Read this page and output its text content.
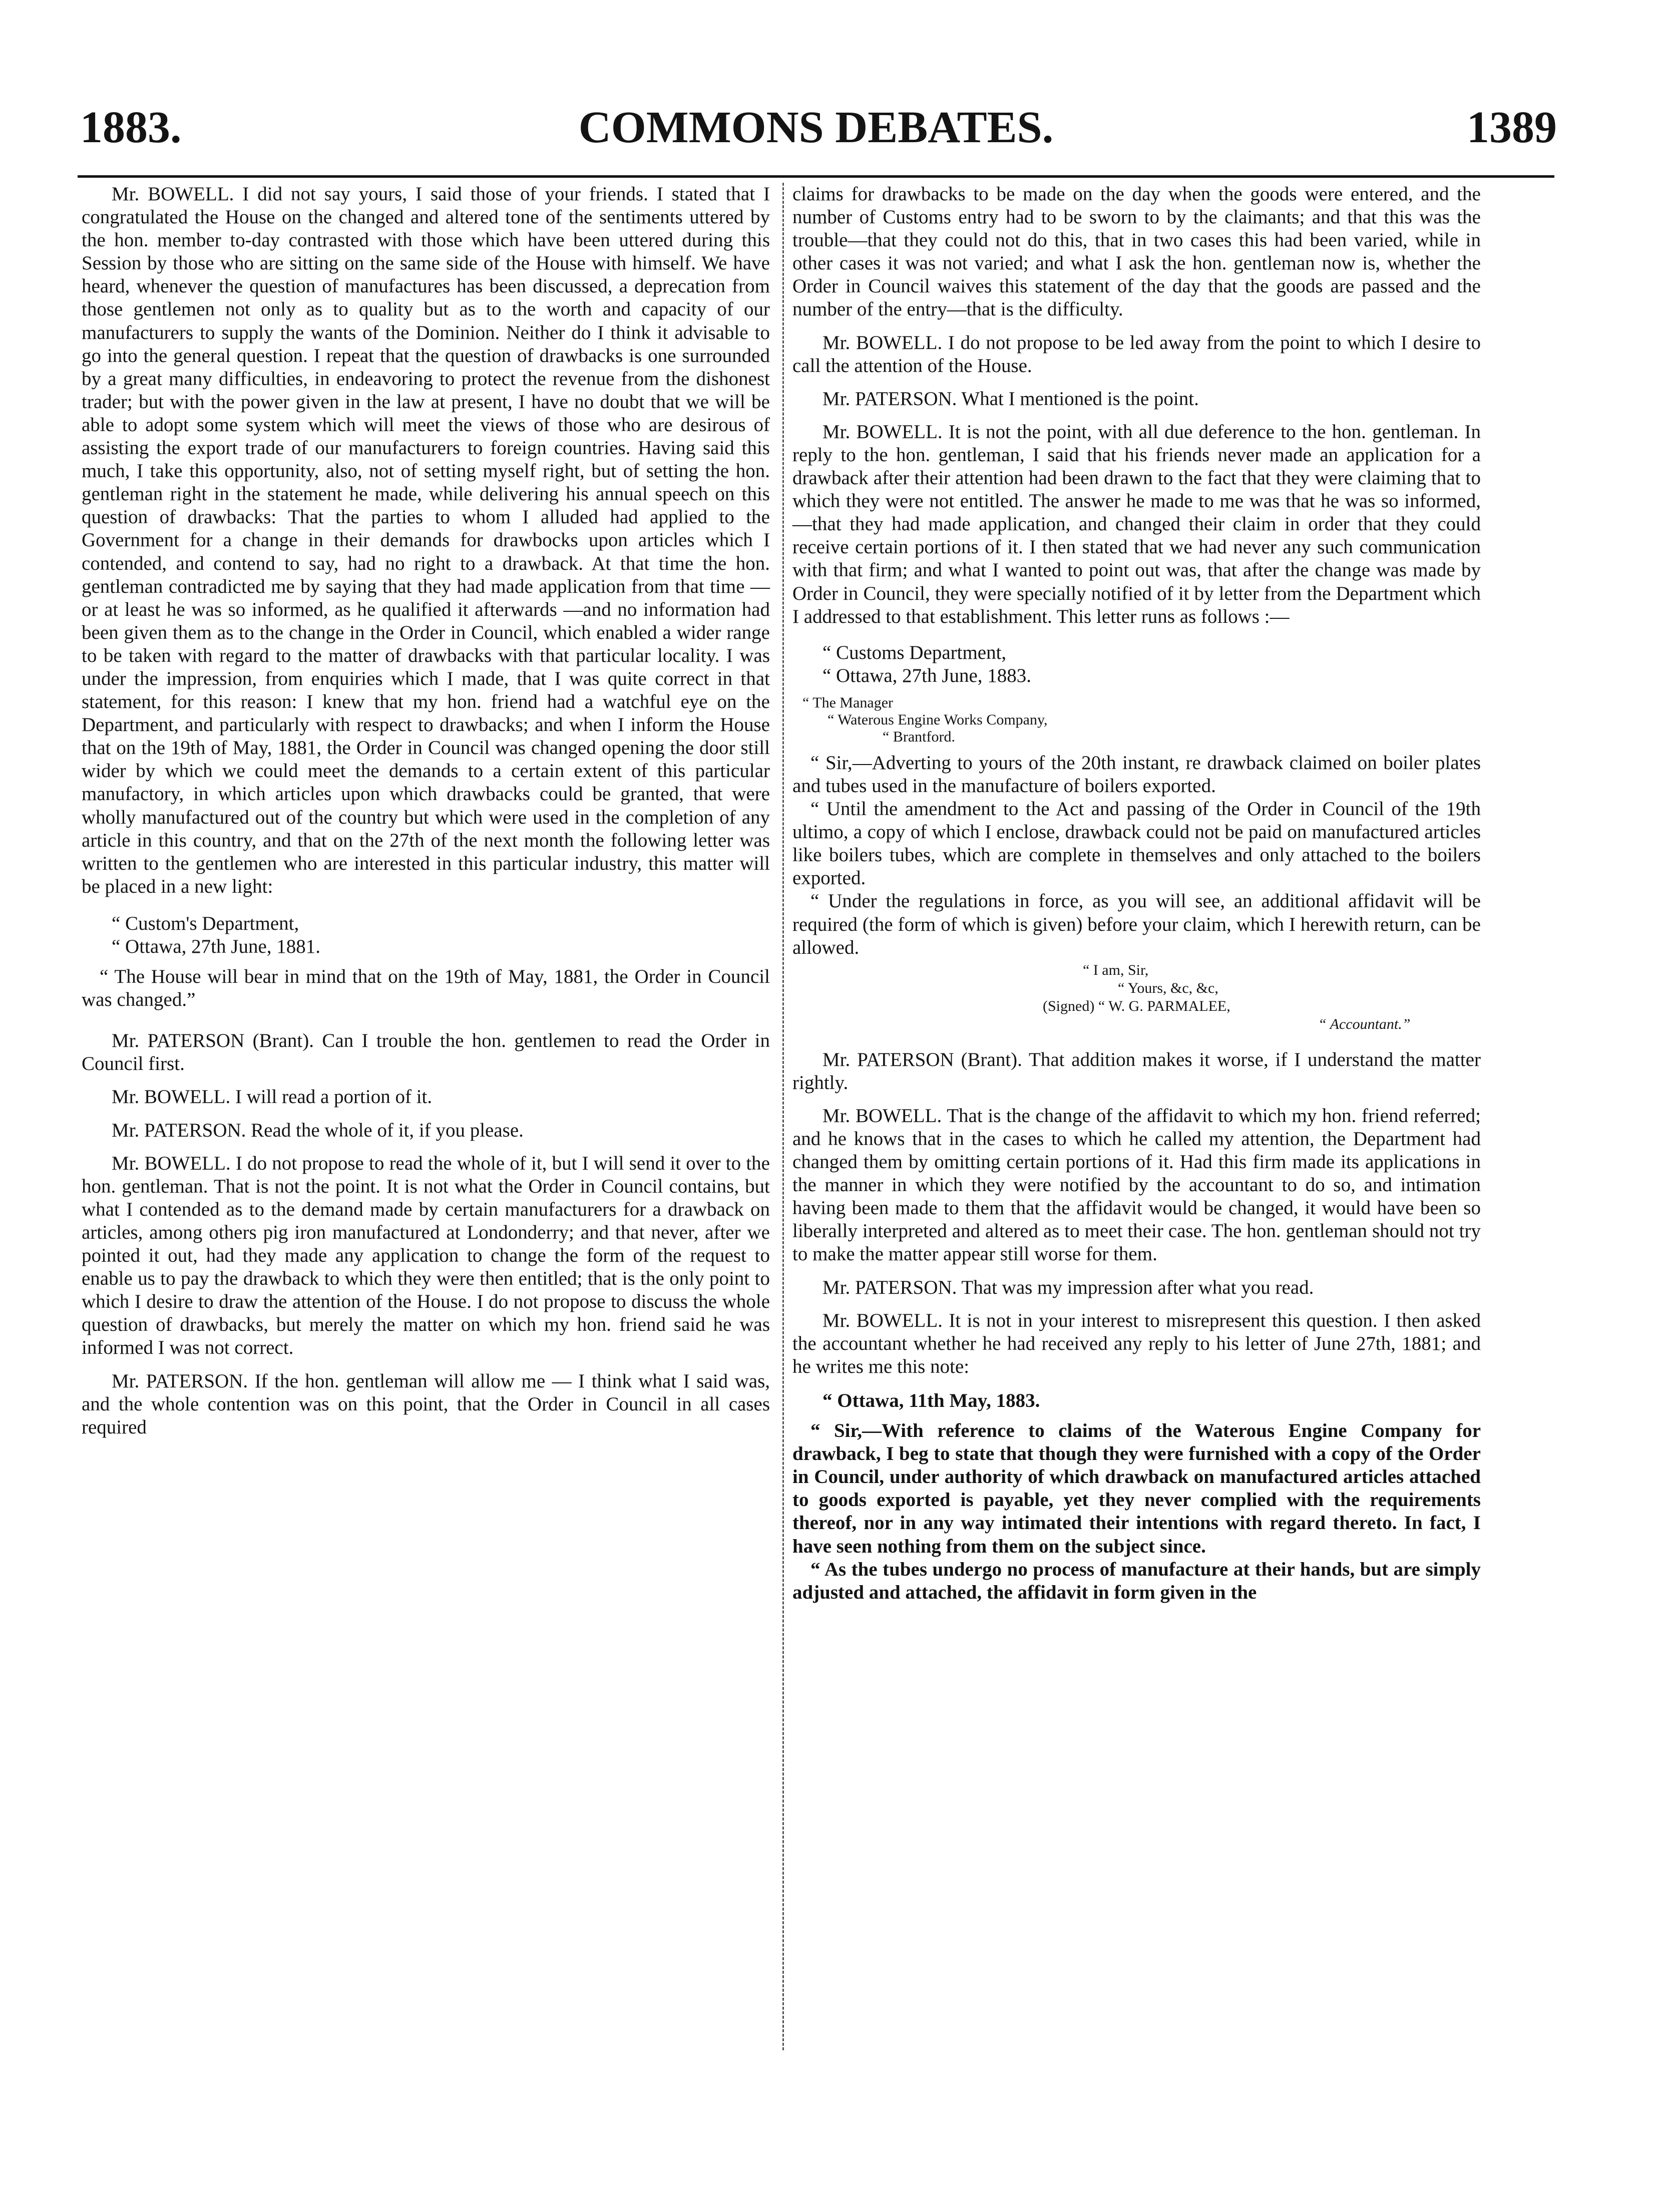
1883.	COMMONS DEBATES.	1389

Mr. BOWELL. I did not say yours, I said those of your friends. I stated that I congratulated the House on the changed and altered tone of the sentiments uttered by the hon. member to-day contrasted with those which have been uttered during this Session by those who are sitting on the same side of the House with himself. We have heard, whenever the question of manufactures has been discussed, a deprecation from those gentlemen not only as to quality but as to the worth and capacity of our manufacturers to supply the wants of the Dominion. Neither do I think it advisable to go into the general question. I repeat that the question of drawbacks is one surrounded by a great many difficulties, in endeavoring to protect the revenue from the dishonest trader; but with the power given in the law at present, I have no doubt that we will be able to adopt some system which will meet the views of those who are desirous of assisting the export trade of our manufacturers to foreign countries. Having said this much, I take this opportunity, also, not of setting myself right, but of setting the hon. gentleman right in the statement he made, while delivering his annual speech on this question of drawbacks: That the parties to whom I alluded had applied to the Government for a change in their demands for drawbocks upon articles which I contended, and contend to say, had no right to a drawback. At that time the hon. gentleman contradicted me by saying that they had made application from that time —or at least he was so informed, as he qualified it afterwards —and no information had been given them as to the change in the Order in Council, which enabled a wider range to be taken with regard to the matter of drawbacks with that particular locality. I was under the impression, from enquiries which I made, that I was quite correct in that statement, for this reason: I knew that my hon. friend had a watchful eye on the Department, and particularly with respect to drawbacks; and when I inform the House that on the 19th of May, 1881, the Order in Council was changed opening the door still wider by which we could meet the demands to a certain extent of this particular manufactory, in which articles upon which drawbacks could be granted, that were wholly manufactured out of the country but which were used in the completion of any article in this country, and that on the 27th of the next month the following letter was written to the gentlemen who are interested in this particular industry, this matter will be placed in a new light:

“ Custom's Department,

“ Ottawa, 27th June, 1881.

“ The House will bear in mind that on the 19th of May, 1881, the Order in Council was changed.”

Mr. PATERSON (Brant). Can I trouble the hon. gentlemen to read the Order in Council first.

Mr. BOWELL. I will read a portion of it.

Mr. PATERSON. Read the whole of it, if you please.

Mr. BOWELL. I do not propose to read the whole of it, but I will send it over to the hon. gentleman. That is not the point. It is not what the Order in Council contains, but what I contended as to the demand made by certain manufacturers for a drawback on articles, among others pig iron manufactured at Londonderry; and that never, after we pointed it out, had they made any application to change the form of the request to enable us to pay the drawback to which they were then entitled; that is the only point to which I desire to draw the attention of the House. I do not propose to discuss the whole question of drawbacks, but merely the matter on which my hon. friend said he was informed I was not correct.

Mr. PATERSON. If the hon. gentleman will allow me — I think what I said was, and the whole contention was on this point, that the Order in Council in all cases required

claims for drawbacks to be made on the day when the goods were entered, and the number of Customs entry had to be sworn to by the claimants; and that this was the trouble—that they could not do this, that in two cases this had been varied, while in other cases it was not varied; and what I ask the hon. gentleman now is, whether the Order in Council waives this statement of the day that the goods are passed and the number of the entry—that is the difficulty.

Mr. BOWELL. I do not propose to be led away from the point to which I desire to call the attention of the House.

Mr. PATERSON. What I mentioned is the point.

Mr. BOWELL. It is not the point, with all due deference to the hon. gentleman. In reply to the hon. gentleman, I said that his friends never made an application for a drawback after their attention had been drawn to the fact that they were claiming that to which they were not entitled. The answer he made to me was that he was so informed,—that they had made application, and changed their claim in order that they could receive certain portions of it. I then stated that we had never any such communication with that firm; and what I wanted to point out was, that after the change was made by Order in Council, they were specially notified of it by letter from the Department which I addressed to that establishment. This letter runs as follows :—

“ Customs Department,

“ Ottawa, 27th June, 1883.

“ The Manager
“ Waterous Engine Works Company,
“ Brantford.

“ Sir,—Adverting to yours of the 20th instant, re drawback claimed on boiler plates and tubes used in the manufacture of boilers exported.

“ Until the amendment to the Act and passing of the Order in Council of the 19th ultimo, a copy of which I enclose, drawback could not be paid on manufactured articles like boilers tubes, which are complete in themselves and only attached to the boilers exported.

“ Under the regulations in force, as you will see, an additional affidavit will be required (the form of which is given) before your claim, which I herewith return, can be allowed.

“ I am, Sir,
“ Yours, &c, &c,
(Signed) “ W. G. PARMALEE,
“ Accountant.”

Mr. PATERSON (Brant). That addition makes it worse, if I understand the matter rightly.

Mr. BOWELL. That is the change of the affidavit to which my hon. friend referred; and he knows that in the cases to which he called my attention, the Department had changed them by omitting certain portions of it. Had this firm made its applications in the manner in which they were notified by the accountant to do so, and intimation having been made to them that the affidavit would be changed, it would have been so liberally interpreted and altered as to meet their case. The hon. gentleman should not try to make the matter appear still worse for them.

Mr. PATERSON. That was my impression after what you read.

Mr. BOWELL. It is not in your interest to misrepresent this question. I then asked the accountant whether he had received any reply to his letter of June 27th, 1881; and he writes me this note:

“ Ottawa, 11th May, 1883.

“ Sir,—With reference to claims of the Waterous Engine Company for drawback, I beg to state that though they were furnished with a copy of the Order in Council, under authority of which drawback on manufactured articles attached to goods exported is payable, yet they never complied with the requirements thereof, nor in any way intimated their intentions with regard thereto. In fact, I have seen nothing from them on the subject since.

“ As the tubes undergo no process of manufacture at their hands, but are simply adjusted and attached, the affidavit in form given in the
